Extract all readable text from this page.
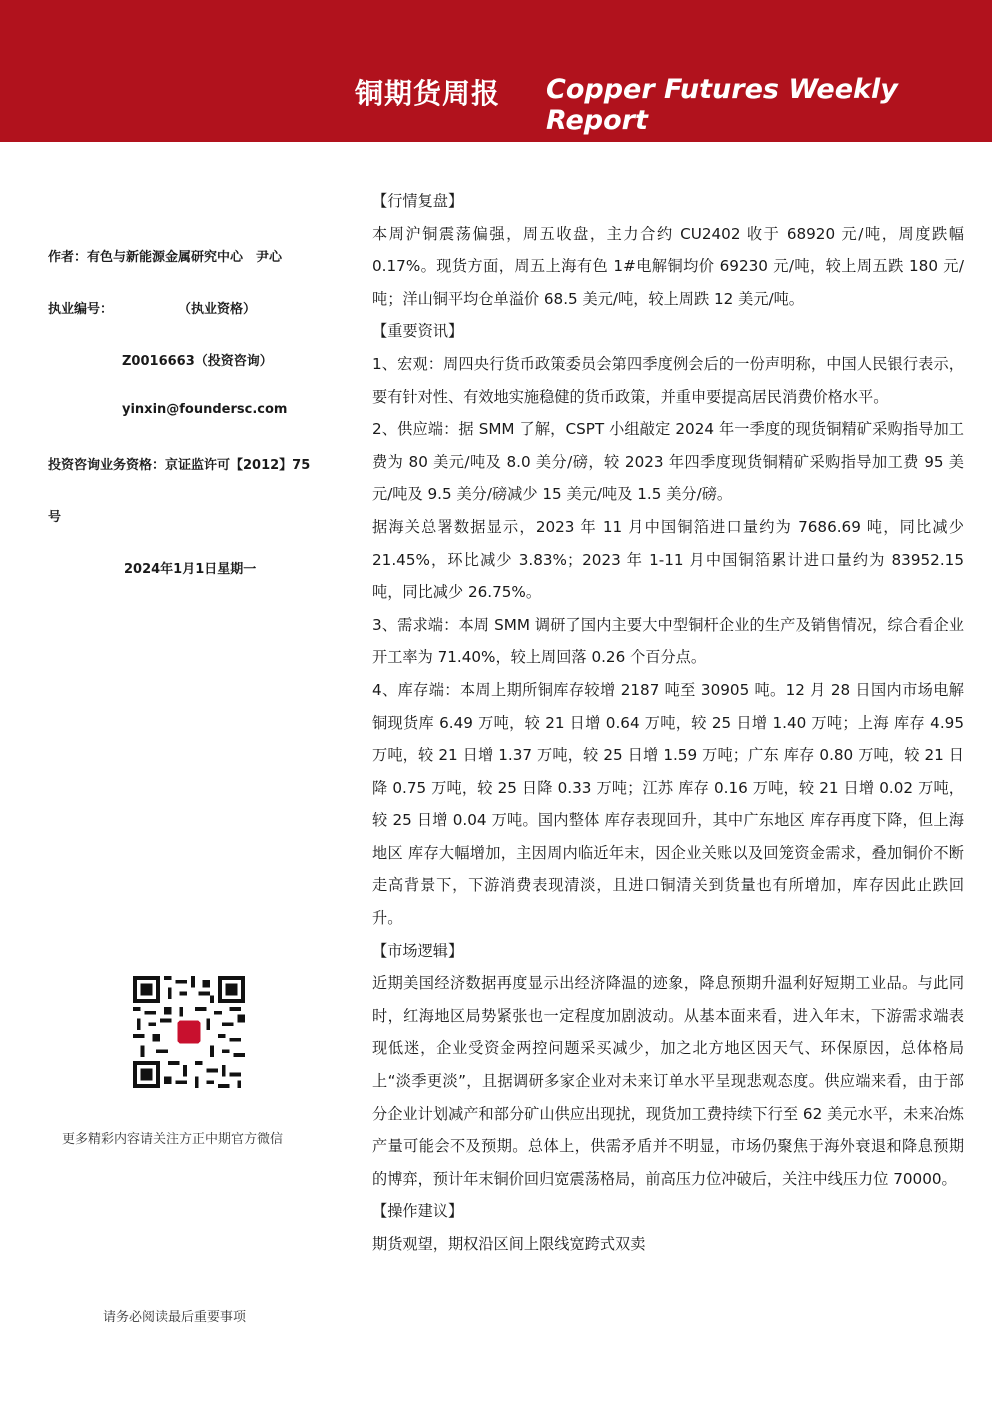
铜期货周报 Copper Futures Weekly Report
作者：有色与新能源金属研究中心　尹心
执业编号：　　　　　　（执业资格）
Z0016663（投资咨询）
yinxin@foundersc.com
投资咨询业务资格：京证监许可【2012】75
号
2024年1月1日星期一
更多精彩内容请关注方正中期官方微信
请务必阅读最后重要事项

【行情复盘】

本周沪铜震荡偏强，周五收盘，主力合约 CU2402 收于 68920 元/吨，周度跌幅 0.17%。现货方面，周五上海有色 1#电解铜均价 69230 元/吨，较上周五跌 180 元/吨；洋山铜平均仓单溢价 68.5 美元/吨，较上周跌 12 美元/吨。

【重要资讯】

1、宏观：周四央行货币政策委员会第四季度例会后的一份声明称，中国人民银行表示，要有针对性、有效地实施稳健的货币政策，并重申要提高居民消费价格水平。

2、供应端：据 SMM 了解，CSPT 小组敲定 2024 年一季度的现货铜精矿采购指导加工费为 80 美元/吨及 8.0 美分/磅，较 2023 年四季度现货铜精矿采购指导加工费 95 美元/吨及 9.5 美分/磅减少 15 美元/吨及 1.5 美分/磅。

据海关总署数据显示，2023 年 11 月中国铜箔进口量约为 7686.69 吨，同比减少 21.45%，环比减少 3.83%；2023 年 1-11 月中国铜箔累计进口量约为 83952.15 吨，同比减少 26.75%。

3、需求端：本周 SMM 调研了国内主要大中型铜杆企业的生产及销售情况，综合看企业开工率为 71.40%，较上周回落 0.26 个百分点。

4、库存端：本周上期所铜库存较增 2187 吨至 30905 吨。12 月 28 日国内市场电解铜现货库 6.49 万吨，较 21 日增 0.64 万吨，较 25 日增 1.40 万吨；上海 库存 4.95 万吨，较 21 日增 1.37 万吨，较 25 日增 1.59 万吨；广东 库存 0.80 万吨，较 21 日降 0.75 万吨，较 25 日降 0.33 万吨；江苏 库存 0.16 万吨，较 21 日增 0.02 万吨，较 25 日增 0.04 万吨。国内整体 库存表现回升，其中广东地区 库存再度下降，但上海地区 库存大幅增加，主因周内临近年末，因企业关账以及回笼资金需求，叠加铜价不断走高背景下，下游消费表现清淡，且进口铜清关到货量也有所增加，库存因此止跌回升。

【市场逻辑】

近期美国经济数据再度显示出经济降温的迹象，降息预期升温利好短期工业品。与此同时，红海地区局势紧张也一定程度加剧波动。从基本面来看，进入年末，下游需求端表现低迷，企业受资金两控问题采买减少，加之北方地区因天气、环保原因，总体格局上“淡季更淡”，且据调研多家企业对未来订单水平呈现悲观态度。供应端来看，由于部分企业计划减产和部分矿山供应出现扰，现货加工费持续下行至 62 美元水平，未来冶炼产量可能会不及预期。总体上，供需矛盾并不明显，市场仍聚焦于海外衰退和降息预期的博弈，预计年末铜价回归宽震荡格局，前高压力位冲破后，关注中线压力位 70000。

【操作建议】

期货观望，期权沿区间上限线宽跨式双卖
